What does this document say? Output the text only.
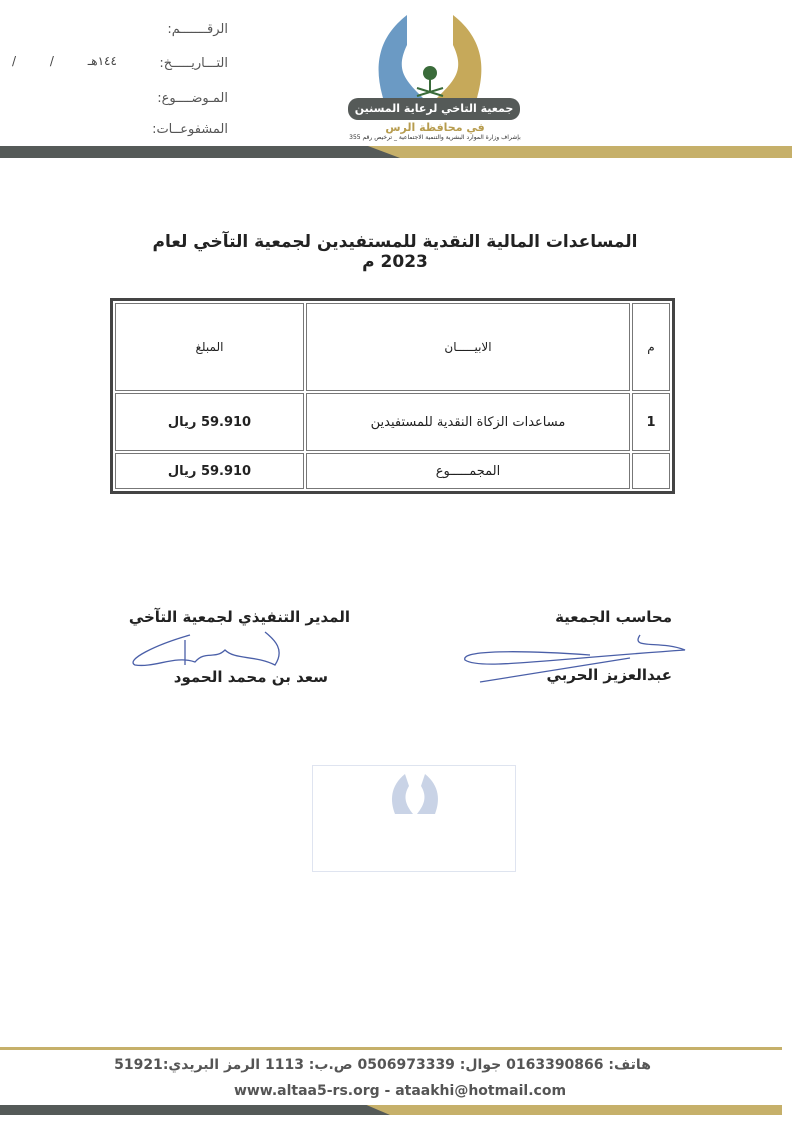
الرقـــــــم:
التـــاريـــــخ:
المـوضــــوع:
المشفوعــات:
/ / ١٤٤هـ
جمعية التاخي لرعاية المسنين
في محافظة الرس
بإشراف وزارة الموارد البشرية والتنمية الاجتماعية _ ترخيص رقم 355
المساعدات المالية النقدية للمستفيدين لجمعية التآخي لعام 2023 م
م	الابيـــــان	المبلغ
1	مساعدات الزكاة النقدية للمستفيدين	59.910 ريال
	المجمـــــوع	59.910 ريال
محاسب الجمعية
عبدالعزيز الحربي
المدير التنفيذي لجمعية التآخي
سعد بن محمد الحمود
هاتف: 0163390866 جوال: 0506973339 ص.ب: 1113 الرمز البريدي:51921
www.altaa5-rs.org - ataakhi@hotmail.com
